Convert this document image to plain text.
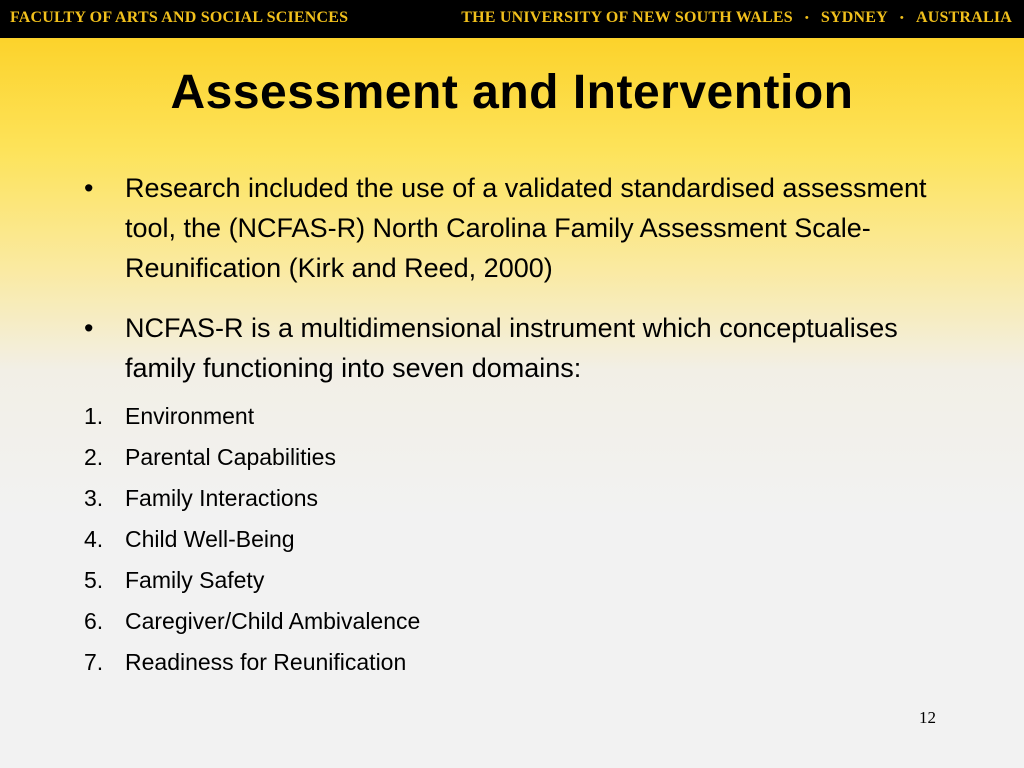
FACULTY OF ARTS AND SOCIAL SCIENCES	THE UNIVERSITY OF NEW SOUTH WALES • SYDNEY • AUSTRALIA
Assessment and Intervention
• Research included the use of a validated standardised assessment tool, the (NCFAS-R) North Carolina Family Assessment Scale-Reunification (Kirk and Reed, 2000)
• NCFAS-R is a multidimensional instrument which conceptualises family functioning into seven domains:
1. Environment
2. Parental Capabilities
3. Family Interactions
4. Child Well-Being
5. Family Safety
6. Caregiver/Child Ambivalence
7. Readiness for Reunification
12
